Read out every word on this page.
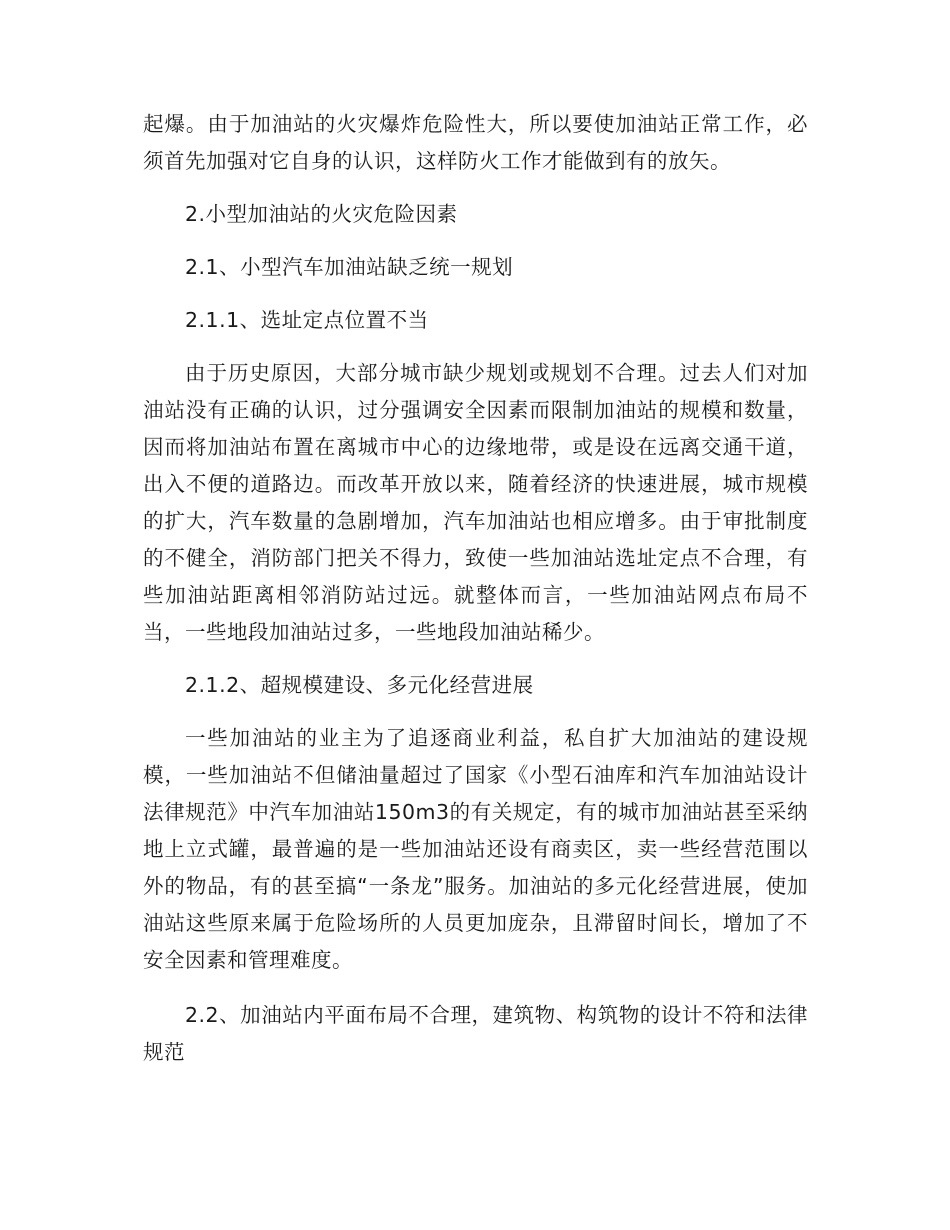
起爆。由于加油站的火灾爆炸危险性大，所以要使加油站正常工作，必须首先加强对它自身的认识，这样防火工作才能做到有的放矢。

2.小型加油站的火灾危险因素

2.1、小型汽车加油站缺乏统一规划

2.1.1、选址定点位置不当

由于历史原因，大部分城市缺少规划或规划不合理。过去人们对加油站没有正确的认识，过分强调安全因素而限制加油站的规模和数量，因而将加油站布置在离城市中心的边缘地带，或是设在远离交通干道，出入不便的道路边。而改革开放以来，随着经济的快速进展，城市规模的扩大，汽车数量的急剧增加，汽车加油站也相应增多。由于审批制度的不健全，消防部门把关不得力，致使一些加油站选址定点不合理，有些加油站距离相邻消防站过远。就整体而言，一些加油站网点布局不当，一些地段加油站过多，一些地段加油站稀少。

2.1.2、超规模建设、多元化经营进展

一些加油站的业主为了追逐商业利益，私自扩大加油站的建设规模，一些加油站不但储油量超过了国家《小型石油库和汽车加油站设计法律规范》中汽车加油站150m3的有关规定，有的城市加油站甚至采纳地上立式罐，最普遍的是一些加油站还设有商卖区，卖一些经营范围以外的物品，有的甚至搞“一条龙”服务。加油站的多元化经营进展，使加油站这些原来属于危险场所的人员更加庞杂，且滞留时间长，增加了不安全因素和管理难度。

2.2、加油站内平面布局不合理，建筑物、构筑物的设计不符和法律规范
